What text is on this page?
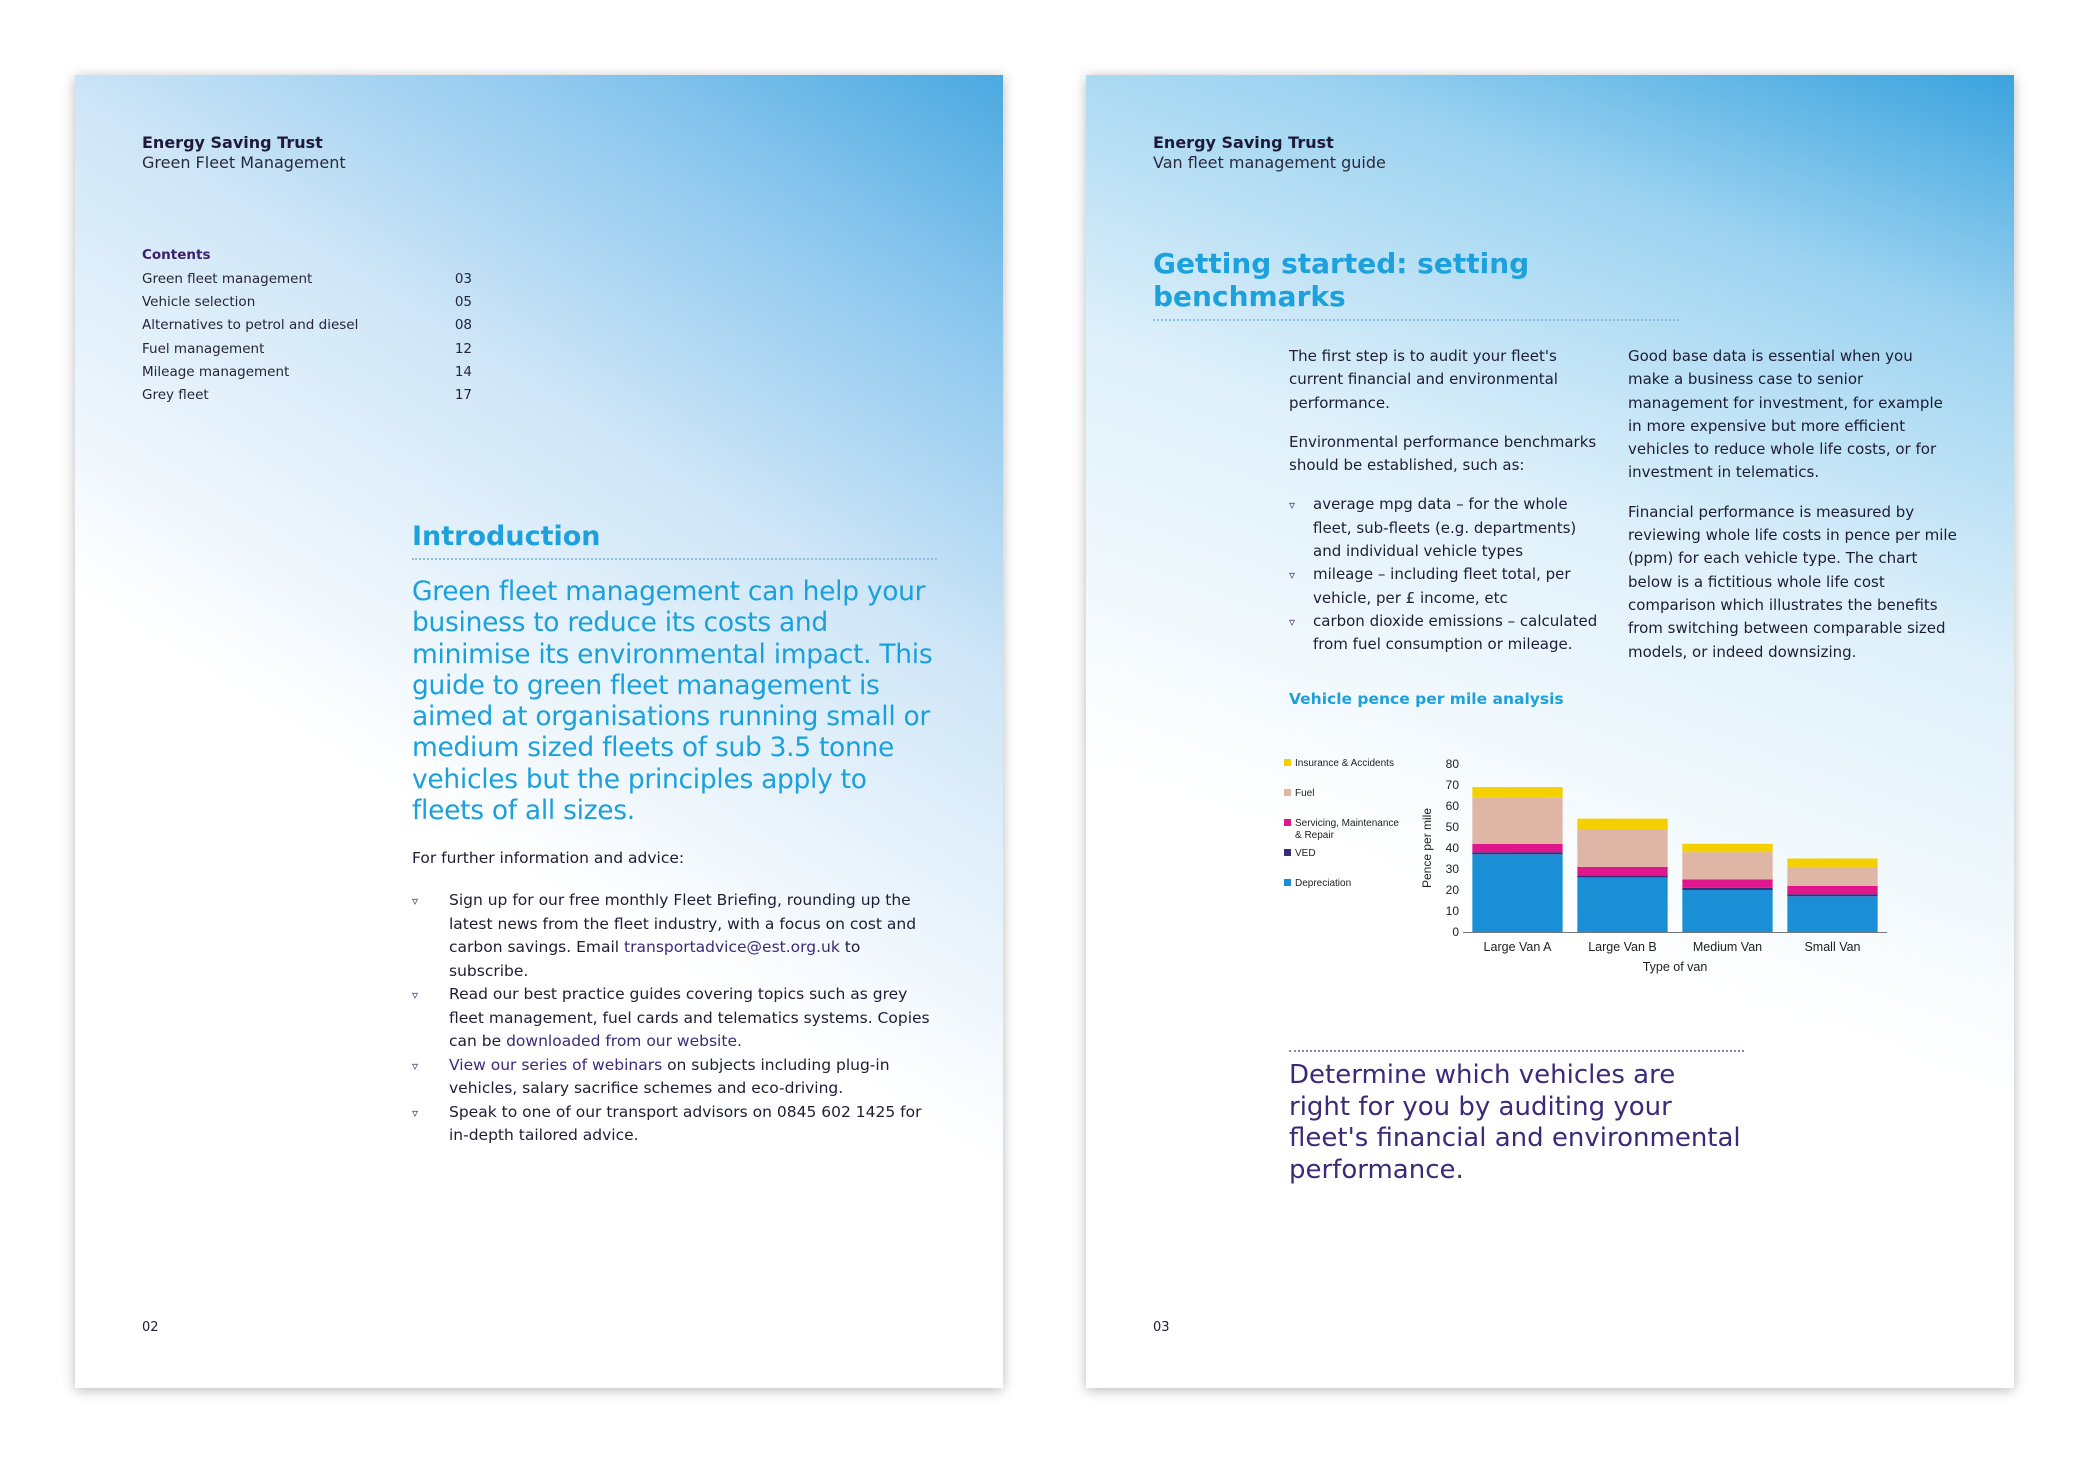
Energy Saving Trust
Green Fleet Management
Contents
Green fleet management	03
Vehicle selection	05
Alternatives to petrol and diesel	08
Fuel management	12
Mileage management	14
Grey fleet	17
Introduction
Green fleet management can help your business to reduce its costs and minimise its environmental impact. This guide to green fleet management is aimed at organisations running small or medium sized fleets of sub 3.5 tonne vehicles but the principles apply to fleets of all sizes.
For further information and advice:
▿ Sign up for our free monthly Fleet Briefing, rounding up the latest news from the fleet industry, with a focus on cost and carbon savings. Email transportadvice@est.org.uk to subscribe.
▿ Read our best practice guides covering topics such as grey fleet management, fuel cards and telematics systems. Copies can be downloaded from our website.
▿ View our series of webinars on subjects including plug-in vehicles, salary sacrifice schemes and eco-driving.
▿ Speak to one of our transport advisors on 0845 602 1425 for in-depth tailored advice.
02
Energy Saving Trust
Van fleet management guide
Getting started: setting benchmarks

The first step is to audit your fleet's current financial and environmental performance.

Environmental performance benchmarks should be established, such as:

▿ average mpg data – for the whole fleet, sub-fleets (e.g. departments) and individual vehicle types
▿ mileage – including fleet total, per vehicle, per £ income, etc
▿ carbon dioxide emissions – calculated from fuel consumption or mileage.

Good base data is essential when you make a business case to senior management for investment, for example in more expensive but more efficient vehicles to reduce whole life costs, or for investment in telematics.

Financial performance is measured by reviewing whole life costs in pence per mile (ppm) for each vehicle type. The chart below is a fictitious whole life cost comparison which illustrates the benefits from switching between comparable sized models, or indeed downsizing.

Vehicle pence per mile analysis
Insurance & Accidents
Fuel
Servicing, Maintenance & Repair
VED
Depreciation
0
10
20
30
40
50
60
70
80
Pence per mile
Large Van A	Large Van B	Medium Van	Small Van
Type of van
Determine which vehicles are right for you by auditing your fleet's financial and environmental performance.
03
